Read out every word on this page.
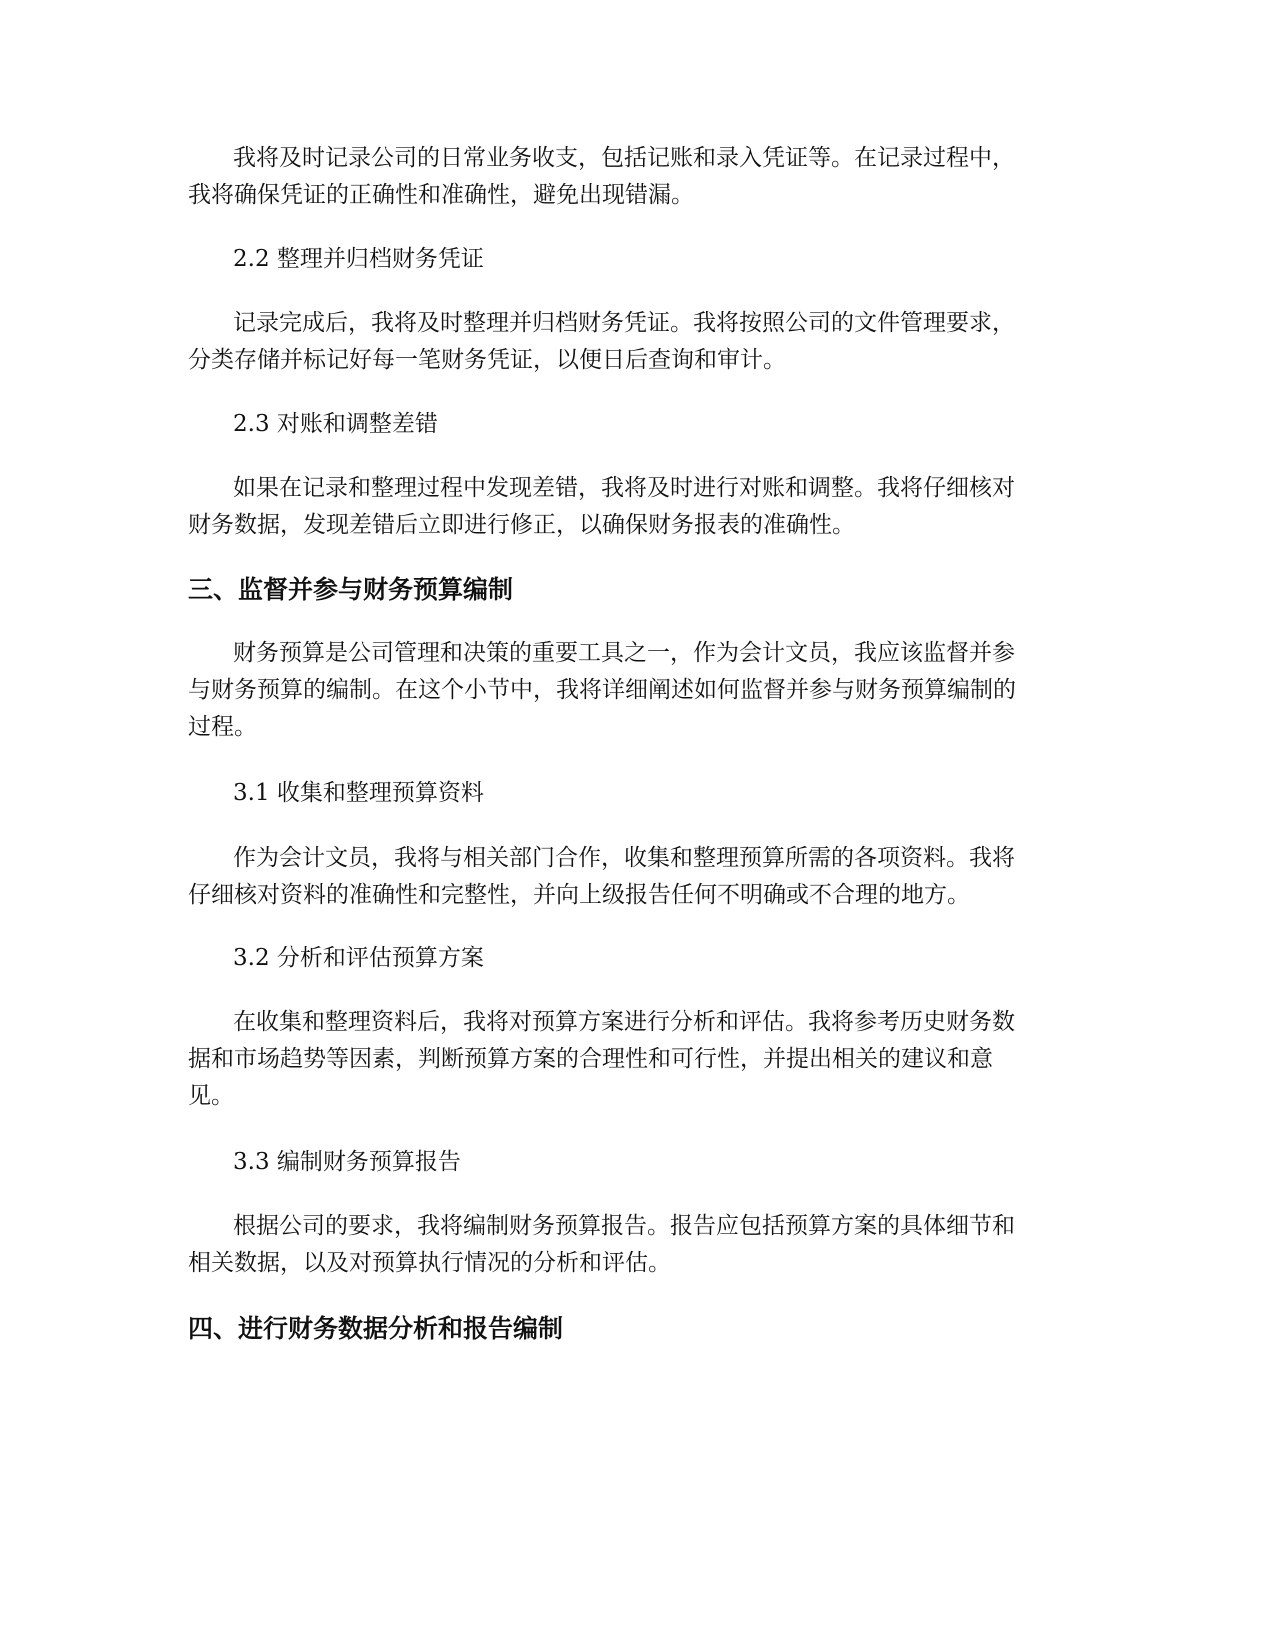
我将及时记录公司的日常业务收支，包括记账和录入凭证等。在记录过程中，
我将确保凭证的正确性和准确性，避免出现错漏。

2.2 整理并归档财务凭证

记录完成后，我将及时整理并归档财务凭证。我将按照公司的文件管理要求，
分类存储并标记好每一笔财务凭证，以便日后查询和审计。

2.3 对账和调整差错

如果在记录和整理过程中发现差错，我将及时进行对账和调整。我将仔细核对
财务数据，发现差错后立即进行修正，以确保财务报表的准确性。

三、监督并参与财务预算编制

财务预算是公司管理和决策的重要工具之一，作为会计文员，我应该监督并参
与财务预算的编制。在这个小节中，我将详细阐述如何监督并参与财务预算编制的
过程。

3.1 收集和整理预算资料

作为会计文员，我将与相关部门合作，收集和整理预算所需的各项资料。我将
仔细核对资料的准确性和完整性，并向上级报告任何不明确或不合理的地方。

3.2 分析和评估预算方案

在收集和整理资料后，我将对预算方案进行分析和评估。我将参考历史财务数
据和市场趋势等因素，判断预算方案的合理性和可行性，并提出相关的建议和意
见。

3.3 编制财务预算报告

根据公司的要求，我将编制财务预算报告。报告应包括预算方案的具体细节和
相关数据，以及对预算执行情况的分析和评估。

四、进行财务数据分析和报告编制
